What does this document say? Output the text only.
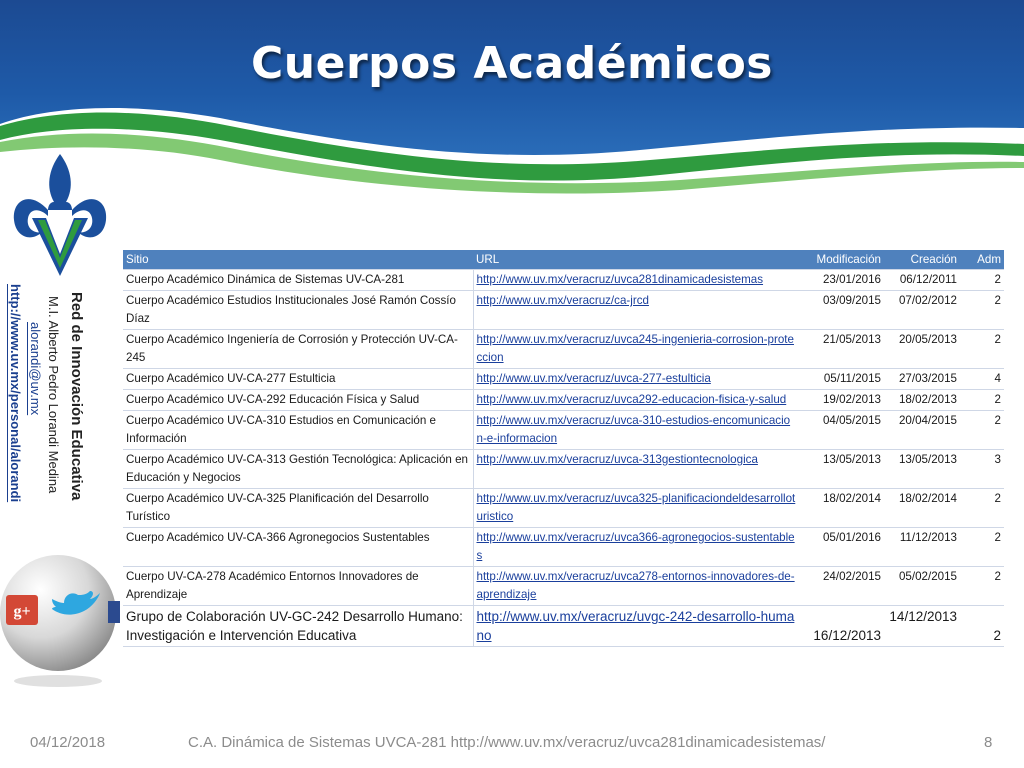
Cuerpos Académicos
Red de Innovación Educativa
M.I. Alberto Pedro Lorandi Medina
alorandi@uv.mx
http://www.uv.mx/personal/alorandi
g+
Sitio	URL	Modificación	Creación	Adm
Cuerpo Académico Dinámica de Sistemas UV-CA-281	http://www.uv.mx/veracruz/uvca281dinamicadesistemas	23/01/2016	06/12/2011	2
Cuerpo Académico Estudios Institucionales José Ramón Cossío Díaz	http://www.uv.mx/veracruz/ca-jrcd	03/09/2015	07/02/2012	2
Cuerpo Académico Ingeniería de Corrosión y Protección UV-CA-245	http://www.uv.mx/veracruz/uvca245-ingenieria-corrosion-proteccion	21/05/2013	20/05/2013	2
Cuerpo Académico UV-CA-277 Estulticia	http://www.uv.mx/veracruz/uvca-277-estulticia	05/11/2015	27/03/2015	4
Cuerpo Académico UV-CA-292 Educación Física y Salud	http://www.uv.mx/veracruz/uvca292-educacion-fisica-y-salud	19/02/2013	18/02/2013	2
Cuerpo Académico UV-CA-310 Estudios en Comunicación e Información	http://www.uv.mx/veracruz/uvca-310-estudios-encomunicacion-e-informacion	04/05/2015	20/04/2015	2
Cuerpo Académico UV-CA-313 Gestión Tecnológica: Aplicación en Educación y Negocios	http://www.uv.mx/veracruz/uvca-313gestiontecnologica	13/05/2013	13/05/2013	3
Cuerpo Académico UV-CA-325 Planificación del Desarrollo Turístico	http://www.uv.mx/veracruz/uvca325-planificaciondeldesarrolloturistico	18/02/2014	18/02/2014	2
Cuerpo Académico UV-CA-366 Agronegocios Sustentables	http://www.uv.mx/veracruz/uvca366-agronegocios-sustentables	05/01/2016	11/12/2013	2
Cuerpo UV-CA-278 Académico Entornos Innovadores de Aprendizaje	http://www.uv.mx/veracruz/uvca278-entornos-innovadores-de-aprendizaje	24/02/2015	05/02/2015	2
Grupo de Colaboración UV-GC-242 Desarrollo Humano: Investigación e Intervención Educativa	http://www.uv.mx/veracruz/uvgc-242-desarrollo-humano	16/12/2013	14/12/2013	2
04/12/2018	C.A. Dinámica de Sistemas UVCA-281 http://www.uv.mx/veracruz/uvca281dinamicadesistemas/	8
